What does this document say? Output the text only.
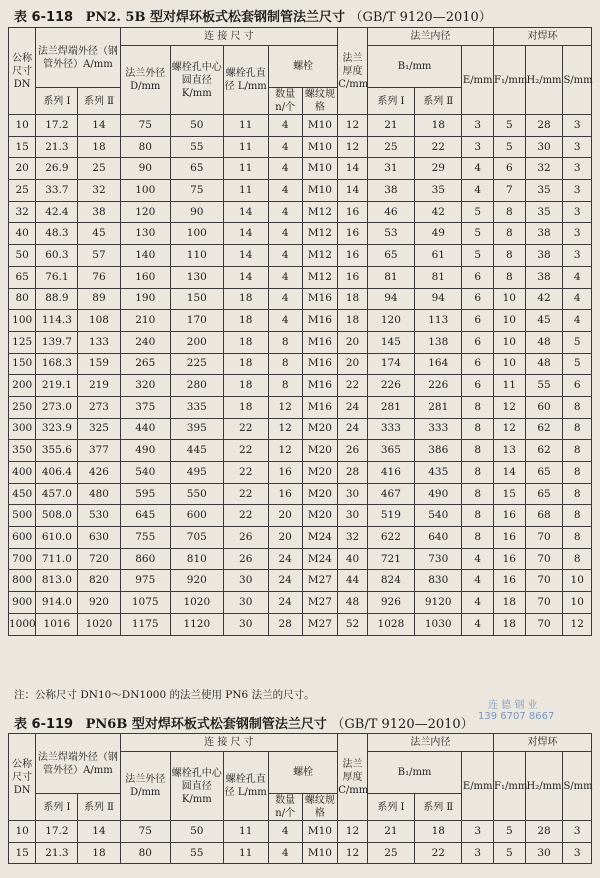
表 6-118 PN2. 5B 型对焊环板式松套钢制管法兰尺寸 （GB/T 9120—2010）
公称尺寸DN	法兰焊端外径（钢管外径）A/mm		连 接 尺 寸					法兰厚度 C/mm	法兰内径			对焊环		
			法兰外径 D/mm	螺栓孔中心圆直径 K/mm	螺栓孔直径 L/mm	螺栓			B₁/mm		E/mm	F₁/mm	H₂/mm	S/mm
	系列 Ⅰ	系列 Ⅱ				数量 n/个	螺纹规格		系列 Ⅰ	系列 Ⅱ				
10	17.2	14	75	50	11	4	M10	12	21	18	3	5	28	3
15	21.3	18	80	55	11	4	M10	12	25	22	3	5	30	3
20	26.9	25	90	65	11	4	M10	14	31	29	4	6	32	3
25	33.7	32	100	75	11	4	M10	14	38	35	4	7	35	3
32	42.4	38	120	90	14	4	M12	16	46	42	5	8	35	3
40	48.3	45	130	100	14	4	M12	16	53	49	5	8	38	3
50	60.3	57	140	110	14	4	M12	16	65	61	5	8	38	3
65	76.1	76	160	130	14	4	M12	16	81	81	6	8	38	4
80	88.9	89	190	150	18	4	M16	18	94	94	6	10	42	4
100	114.3	108	210	170	18	4	M16	18	120	113	6	10	45	4
125	139.7	133	240	200	18	8	M16	20	145	138	6	10	48	5
150	168.3	159	265	225	18	8	M16	20	174	164	6	10	48	5
200	219.1	219	320	280	18	8	M16	22	226	226	6	11	55	6
250	273.0	273	375	335	18	12	M16	24	281	281	8	12	60	8
300	323.9	325	440	395	22	12	M20	24	333	333	8	12	62	8
350	355.6	377	490	445	22	12	M20	26	365	386	8	13	62	8
400	406.4	426	540	495	22	16	M20	28	416	435	8	14	65	8
450	457.0	480	595	550	22	16	M20	30	467	490	8	15	65	8
500	508.0	530	645	600	22	20	M20	30	519	540	8	16	68	8
600	610.0	630	755	705	26	20	M24	32	622	640	8	16	70	8
700	711.0	720	860	810	26	24	M24	40	721	730	4	16	70	8
800	813.0	820	975	920	30	24	M27	44	824	830	4	16	70	10
900	914.0	920	1075	1020	30	24	M27	48	926	9120	4	18	70	10
1000	1016	1020	1175	1120	30	28	M27	52	1028	1030	4	18	70	12
注：公称尺寸 DN10～DN1000 的法兰使用 PN6 法兰的尺寸。
表 6-119 PN6B 型对焊环板式松套钢制管法兰尺寸 （GB/T 9120—2010）
公称尺寸DN	法兰焊端外径（钢管外径）A/mm		连 接 尺 寸					法兰厚度 C/mm	法兰内径			对焊环		
			法兰外径 D/mm	螺栓孔中心圆直径 K/mm	螺栓孔直径 L/mm	螺栓			B₁/mm		E/mm	F₁/mm	H₂/mm	S/mm
	系列 Ⅰ	系列 Ⅱ				数量 n/个	螺纹规格		系列 Ⅰ	系列 Ⅱ				
10	17.2	14	75	50	11	4	M10	12	21	18	3	5	28	3
15	21.3	18	80	55	11	4	M10	12	25	22	3	5	30	3
连 德 钢 业
139 6707 8667
